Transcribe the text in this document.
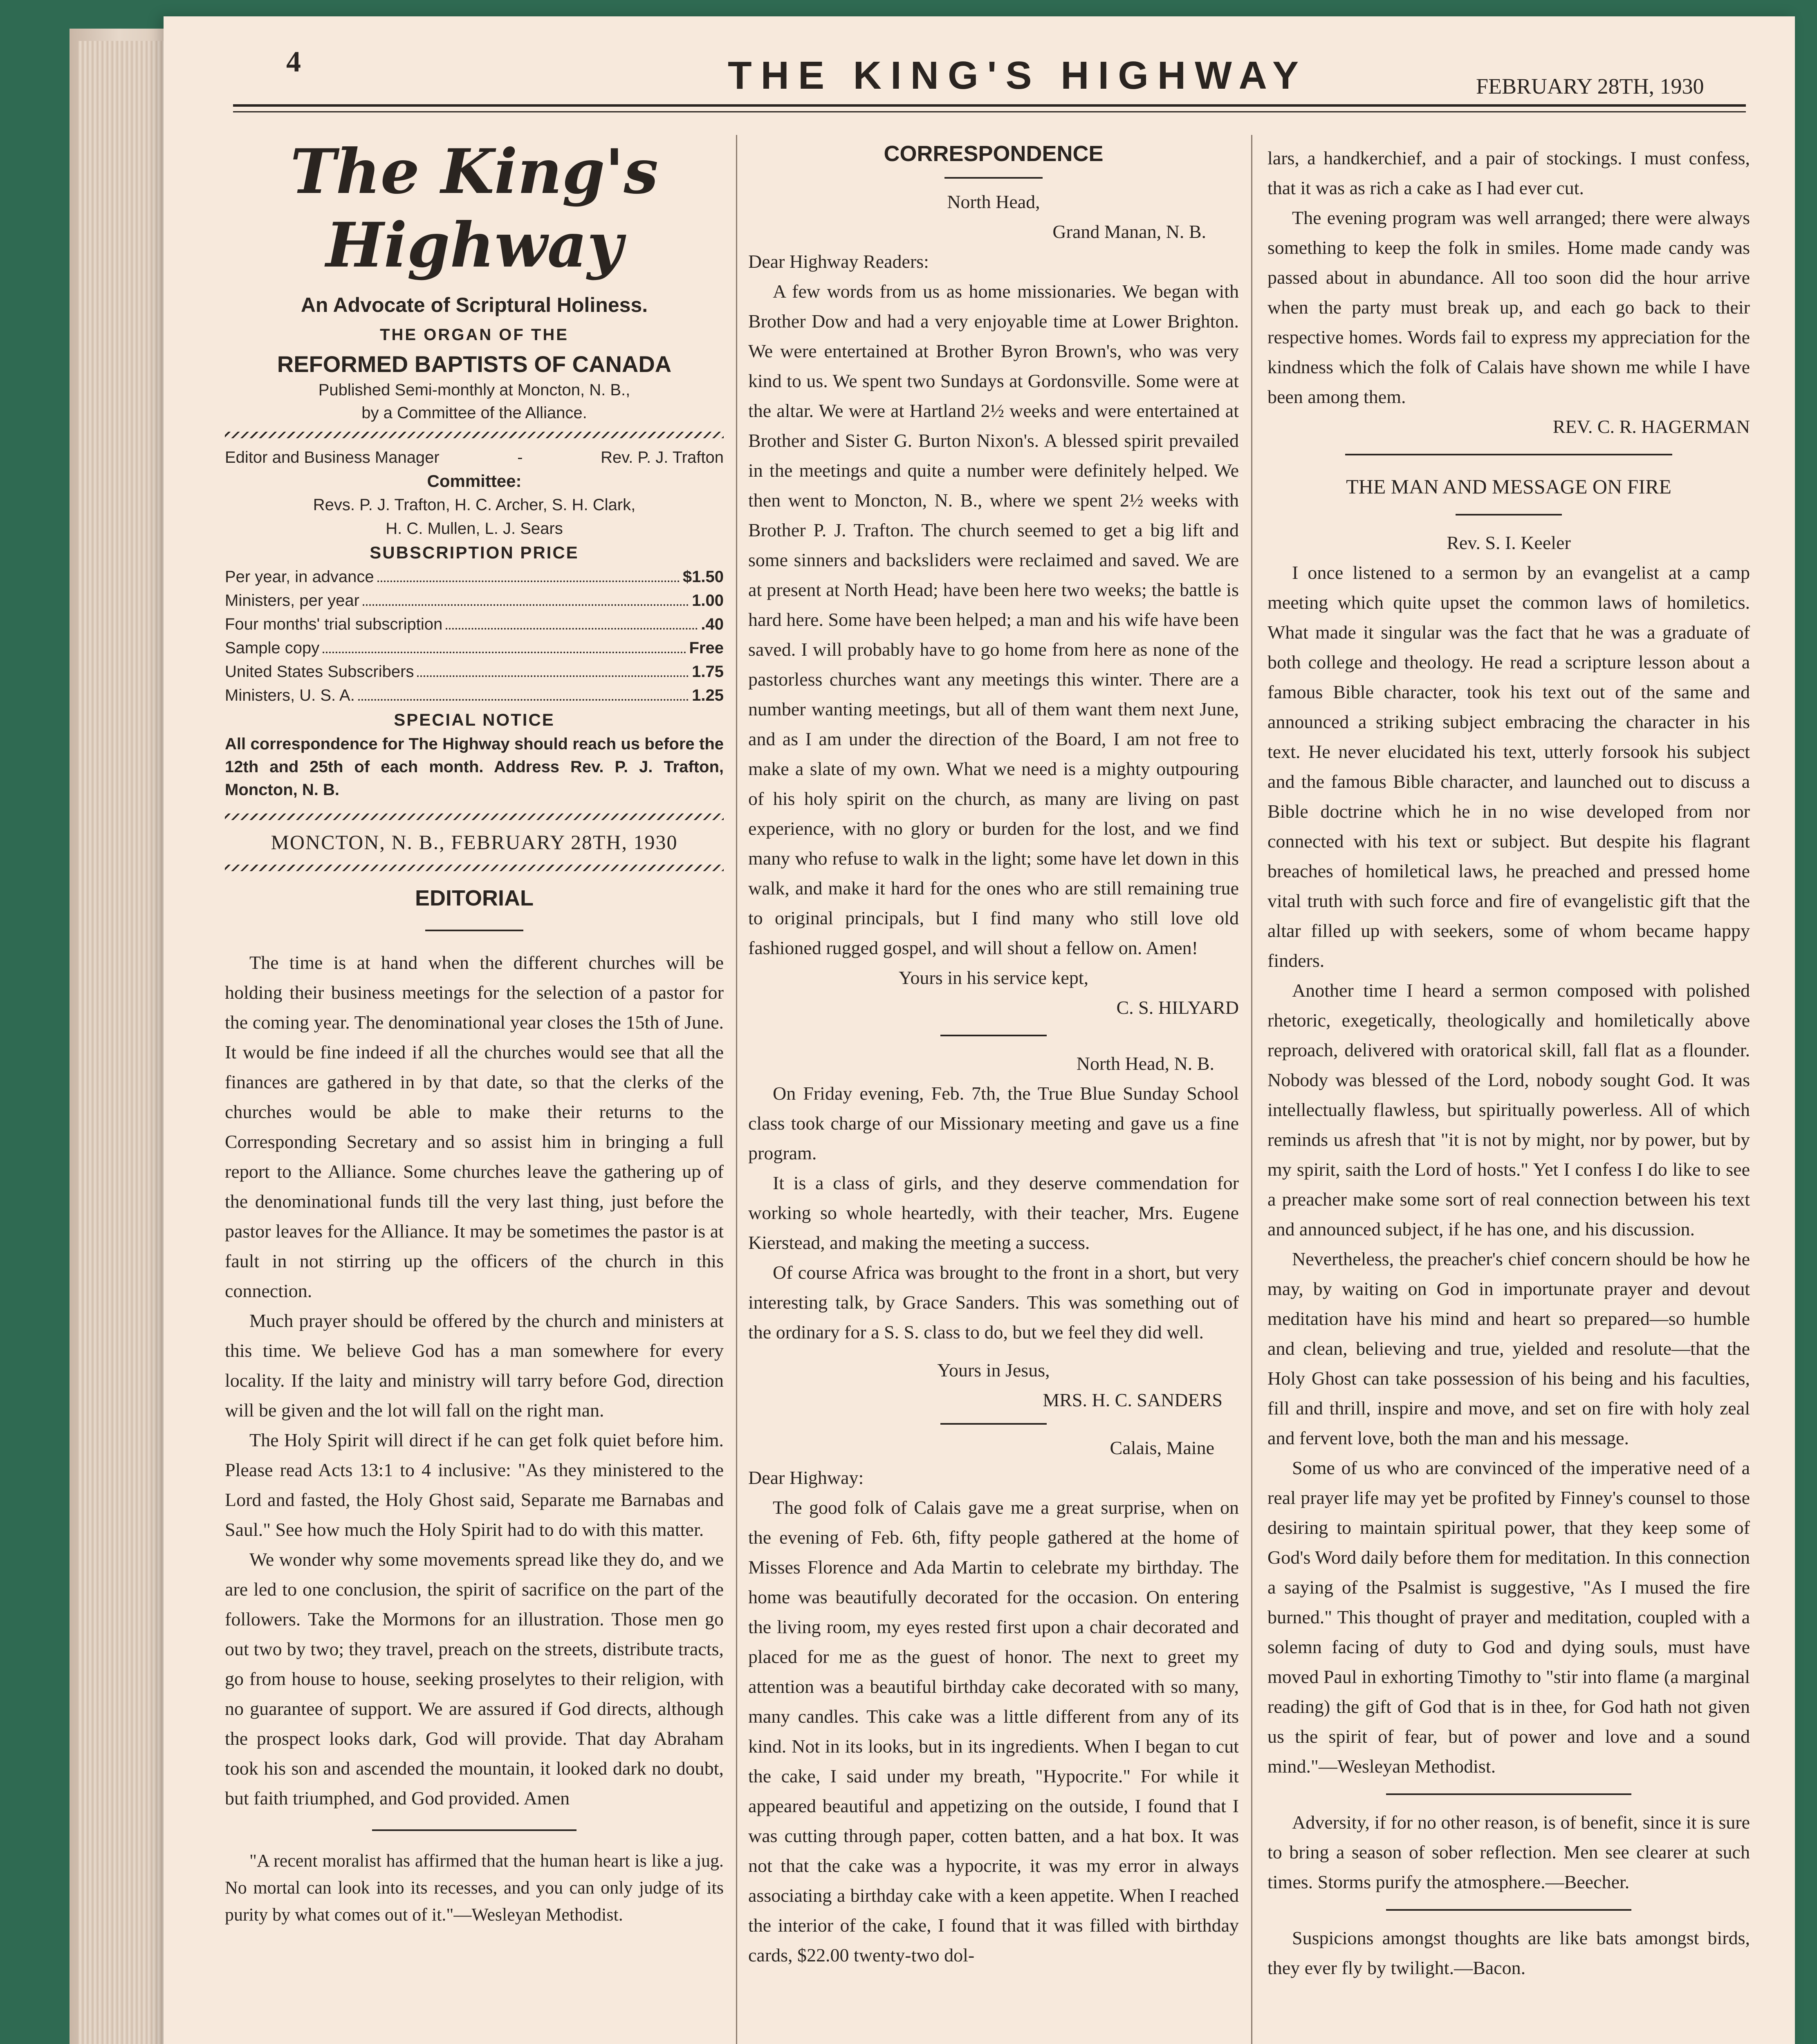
4	THE KING'S HIGHWAY	FEBRUARY 28TH, 1930
The King's Highway
An Advocate of Scriptural Holiness.
THE ORGAN OF THE
REFORMED BAPTISTS OF CANADA
Published Semi-monthly at Moncton, N. B.,
by a Committee of the Alliance.
Editor and Business Manager	-	Rev. P. J. Trafton
Committee:
Revs. P. J. Trafton, H. C. Archer, S. H. Clark,
H. C. Mullen, L. J. Sears
SUBSCRIPTION PRICE
Per year, in advance	$1.50
Ministers, per year	1.00
Four months' trial subscription	.40
Sample copy	Free
United States Subscribers	1.75
Ministers, U. S. A.	1.25
SPECIAL NOTICE
All correspondence for The Highway should reach us before the 12th and 25th of each month. Address Rev. P. J. Trafton, Moncton, N. B.
MONCTON, N. B., FEBRUARY 28TH, 1930
EDITORIAL

The time is at hand when the different churches will be holding their business meetings for the selection of a pastor for the coming year. The denominational year closes the 15th of June. It would be fine indeed if all the churches would see that all the finances are gathered in by that date, so that the clerks of the churches would be able to make their returns to the Corresponding Secretary and so assist him in bringing a full report to the Alliance. Some churches leave the gathering up of the denominational funds till the very last thing, just before the pastor leaves for the Alliance. It may be sometimes the pastor is at fault in not stirring up the officers of the church in this connection.

Much prayer should be offered by the church and ministers at this time. We believe God has a man somewhere for every locality. If the laity and ministry will tarry before God, direction will be given and the lot will fall on the right man.

The Holy Spirit will direct if he can get folk quiet before him. Please read Acts 13:1 to 4 inclusive: "As they ministered to the Lord and fasted, the Holy Ghost said, Separate me Barnabas and Saul." See how much the Holy Spirit had to do with this matter.

We wonder why some movements spread like they do, and we are led to one conclusion, the spirit of sacrifice on the part of the followers. Take the Mormons for an illustration. Those men go out two by two; they travel, preach on the streets, distribute tracts, go from house to house, seeking proselytes to their religion, with no guarantee of support. We are assured if God directs, although the prospect looks dark, God will provide. That day Abraham took his son and ascended the mountain, it looked dark no doubt, but faith triumphed, and God provided. Amen

"A recent moralist has affirmed that the human heart is like a jug. No mortal can look into its recesses, and you can only judge of its purity by what comes out of it."—Wesleyan Methodist.

CORRESPONDENCE

North Head,

Grand Manan, N. B.

Dear Highway Readers:

A few words from us as home missionaries. We began with Brother Dow and had a very enjoyable time at Lower Brighton. We were entertained at Brother Byron Brown's, who was very kind to us. We spent two Sundays at Gordonsville. Some were at the altar. We were at Hartland 2½ weeks and were entertained at Brother and Sister G. Burton Nixon's. A blessed spirit prevailed in the meetings and quite a number were definitely helped. We then went to Moncton, N. B., where we spent 2½ weeks with Brother P. J. Trafton. The church seemed to get a big lift and some sinners and backsliders were reclaimed and saved. We are at present at North Head; have been here two weeks; the battle is hard here. Some have been helped; a man and his wife have been saved. I will probably have to go home from here as none of the pastorless churches want any meetings this winter. There are a number wanting meetings, but all of them want them next June, and as I am under the direction of the Board, I am not free to make a slate of my own. What we need is a mighty outpouring of his holy spirit on the church, as many are living on past experience, with no glory or burden for the lost, and we find many who refuse to walk in the light; some have let down in this walk, and make it hard for the ones who are still remaining true to original principals, but I find many who still love old fashioned rugged gospel, and will shout a fellow on. Amen!

Yours in his service kept,

C. S. HILYARD

North Head, N. B.

On Friday evening, Feb. 7th, the True Blue Sunday School class took charge of our Missionary meeting and gave us a fine program.

It is a class of girls, and they deserve commendation for working so whole heartedly, with their teacher, Mrs. Eugene Kierstead, and making the meeting a success.

Of course Africa was brought to the front in a short, but very interesting talk, by Grace Sanders. This was something out of the ordinary for a S. S. class to do, but we feel they did well.

Yours in Jesus,

MRS. H. C. SANDERS

Calais, Maine

Dear Highway:

The good folk of Calais gave me a great surprise, when on the evening of Feb. 6th, fifty people gathered at the home of Misses Florence and Ada Martin to celebrate my birthday. The home was beautifully decorated for the occasion. On entering the living room, my eyes rested first upon a chair decorated and placed for me as the guest of honor. The next to greet my attention was a beautiful birthday cake decorated with so many, many candles. This cake was a little different from any of its kind. Not in its looks, but in its ingredients. When I began to cut the cake, I said under my breath, "Hypocrite." For while it appeared beautiful and appetizing on the outside, I found that I was cutting through paper, cotten batten, and a hat box. It was not that the cake was a hypocrite, it was my error in always associating a birthday cake with a keen appetite. When I reached the interior of the cake, I found that it was filled with birthday cards, $22.00 twenty-two dol-

lars, a handkerchief, and a pair of stockings. I must confess, that it was as rich a cake as I had ever cut.

The evening program was well arranged; there were always something to keep the folk in smiles. Home made candy was passed about in abundance. All too soon did the hour arrive when the party must break up, and each go back to their respective homes. Words fail to express my appreciation for the kindness which the folk of Calais have shown me while I have been among them.

REV. C. R. HAGERMAN

THE MAN AND MESSAGE ON FIRE

Rev. S. I. Keeler

I once listened to a sermon by an evangelist at a camp meeting which quite upset the common laws of homiletics. What made it singular was the fact that he was a graduate of both college and theology. He read a scripture lesson about a famous Bible character, took his text out of the same and announced a striking subject embracing the character in his text. He never elucidated his text, utterly forsook his subject and the famous Bible character, and launched out to discuss a Bible doctrine which he in no wise developed from nor connected with his text or subject. But despite his flagrant breaches of homiletical laws, he preached and pressed home vital truth with such force and fire of evangelistic gift that the altar filled up with seekers, some of whom became happy finders.

Another time I heard a sermon composed with polished rhetoric, exegetically, theologically and homiletically above reproach, delivered with oratorical skill, fall flat as a flounder. Nobody was blessed of the Lord, nobody sought God. It was intellectually flawless, but spiritually powerless. All of which reminds us afresh that "it is not by might, nor by power, but by my spirit, saith the Lord of hosts." Yet I confess I do like to see a preacher make some sort of real connection between his text and announced subject, if he has one, and his discussion.

Nevertheless, the preacher's chief concern should be how he may, by waiting on God in importunate prayer and devout meditation have his mind and heart so prepared—so humble and clean, believing and true, yielded and resolute—that the Holy Ghost can take possession of his being and his faculties, fill and thrill, inspire and move, and set on fire with holy zeal and fervent love, both the man and his message.

Some of us who are convinced of the imperative need of a real prayer life may yet be profited by Finney's counsel to those desiring to maintain spiritual power, that they keep some of God's Word daily before them for meditation. In this connection a saying of the Psalmist is suggestive, "As I mused the fire burned." This thought of prayer and meditation, coupled with a solemn facing of duty to God and dying souls, must have moved Paul in exhorting Timothy to "stir into flame (a marginal reading) the gift of God that is in thee, for God hath not given us the spirit of fear, but of power and love and a sound mind."—Wesleyan Methodist.

Adversity, if for no other reason, is of benefit, since it is sure to bring a season of sober reflection. Men see clearer at such times. Storms purify the atmosphere.—Beecher.

Suspicions amongst thoughts are like bats amongst birds, they ever fly by twilight.—Bacon.
